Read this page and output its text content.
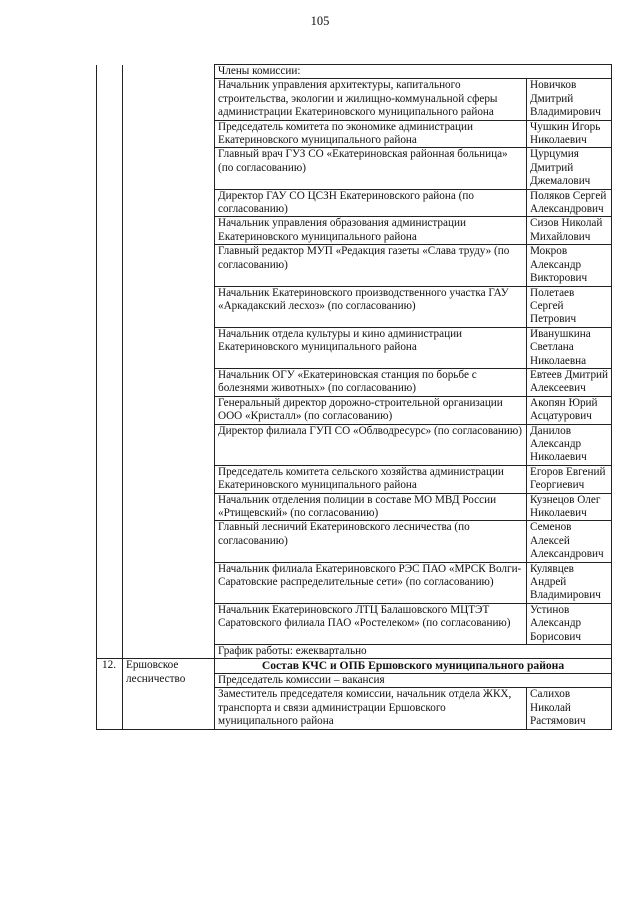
105
		Члены комиссии:	
		Начальник управления архитектуры, капитального строительства, экологии и жилищно-коммунальной сферы администрации Екатериновского муниципального района	Новичков Дмитрий Владимирович
		Председатель комитета по экономике администрации Екатериновского муниципального района	Чушкин Игорь Николаевич
		Главный врач ГУЗ СО «Екатериновская районная больница» (по согласованию)	Цурцумия Дмитрий Джемалович
		Директор ГАУ СО ЦСЗН Екатериновского района (по согласованию)	Поляков Сергей Александрович
		Начальник управления образования администрации Екатериновского муниципального района	Сизов Николай Михайлович
		Главный редактор МУП «Редакция газеты «Слава труду» (по согласованию)	Мокров Александр Викторович
		Начальник Екатериновского производственного участка ГАУ «Аркадакский лесхоз» (по согласованию)	Полетаев Сергей Петрович
		Начальник отдела культуры и кино администрации Екатериновского муниципального района	Иванушкина Светлана Николаевна
		Начальник ОГУ «Екатериновская станция по борьбе с болезнями животных» (по согласованию)	Евтеев Дмитрий Алексеевич
		Генеральный директор дорожно-строительной организации ООО «Кристалл» (по согласованию)	Акопян Юрий Асцатурович
		Директор филиала ГУП СО «Облводресурс» (по согласованию)	Данилов Александр Николаевич
		Председатель комитета сельского хозяйства администрации Екатериновского муниципального района	Егоров Евгений Георгиевич
		Начальник отделения полиции в составе МО МВД России «Ртищевский» (по согласованию)	Кузнецов Олег Николаевич
		Главный лесничий Екатериновского лесничества (по согласованию)	Семенов Алексей Александрович
		Начальник филиала Екатериновского РЭС ПАО «МРСК Волги-Саратовские распределительные сети» (по согласованию)	Кулявцев Андрей Владимирович
		Начальник Екатериновского ЛТЦ Балашовского МЦТЭТ Саратовского филиала ПАО «Ростелеком» (по согласованию)	Устинов Александр Борисович
		График работы: ежеквартально	
12.	Ершовское лесничество	Состав КЧС и ОПБ Ершовского муниципального района	
		Председатель комиссии – вакансия	
		Заместитель председателя комиссии, начальник отдела ЖКХ, транспорта и связи администрации Ершовского муниципального района	Салихов Николай Растямович
